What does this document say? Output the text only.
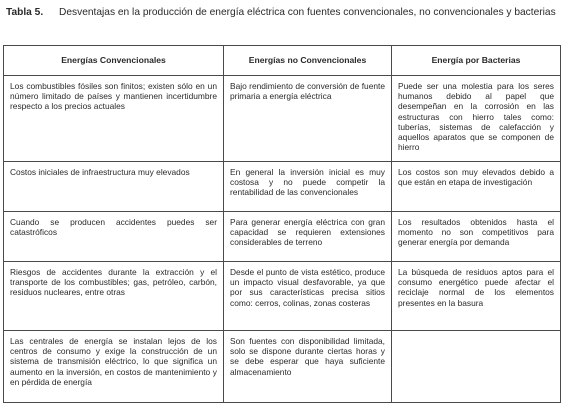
Tabla 5. Desventajas en la producción de energía eléctrica con fuentes convencionales, no convencionales y bacterias
Energías Convencionales	Energías no Convencionales	Energía por Bacterias
Los combustibles fósiles son finitos; existen sólo en un número limitado de países y mantienen incertidumbre respecto a los precios actuales	Bajo rendimiento de conversión de fuente primaria a energía eléctrica	Puede ser una molestia para los seres humanos debido al papel que desempeñan en la corrosión en las estructuras con hierro tales como: tuberías, sistemas de calefacción y aquellos aparatos que se componen de hierro
Costos iniciales de infraestructura muy elevados	En general la inversión inicial es muy costosa y no puede competir la rentabilidad de las convencionales	Los costos son muy elevados debido a que están en etapa de investigación
Cuando se producen accidentes puedes ser catastróficos	Para generar energía eléctrica con gran capacidad se requieren extensiones considerables de terreno	Los resultados obtenidos hasta el momento no son competitivos para generar energía por demanda
Riesgos de accidentes durante la extracción y el transporte de los combustibles; gas, petróleo, carbón, residuos nucleares, entre otras	Desde el punto de vista estético, produce un impacto visual desfavorable, ya que por sus características precisa sitios como: cerros, colinas, zonas costeras	La búsqueda de residuos aptos para el consumo energético puede afectar el reciclaje normal de los elementos presentes en la basura
Las centrales de energía se instalan lejos de los centros de consumo y exige la construcción de un sistema de transmisión eléctrico, lo que significa un aumento en la inversión, en costos de mantenimiento y en pérdida de energía	Son fuentes con disponibilidad limitada, solo se dispone durante ciertas horas y se debe esperar que haya suficiente almacenamiento	
